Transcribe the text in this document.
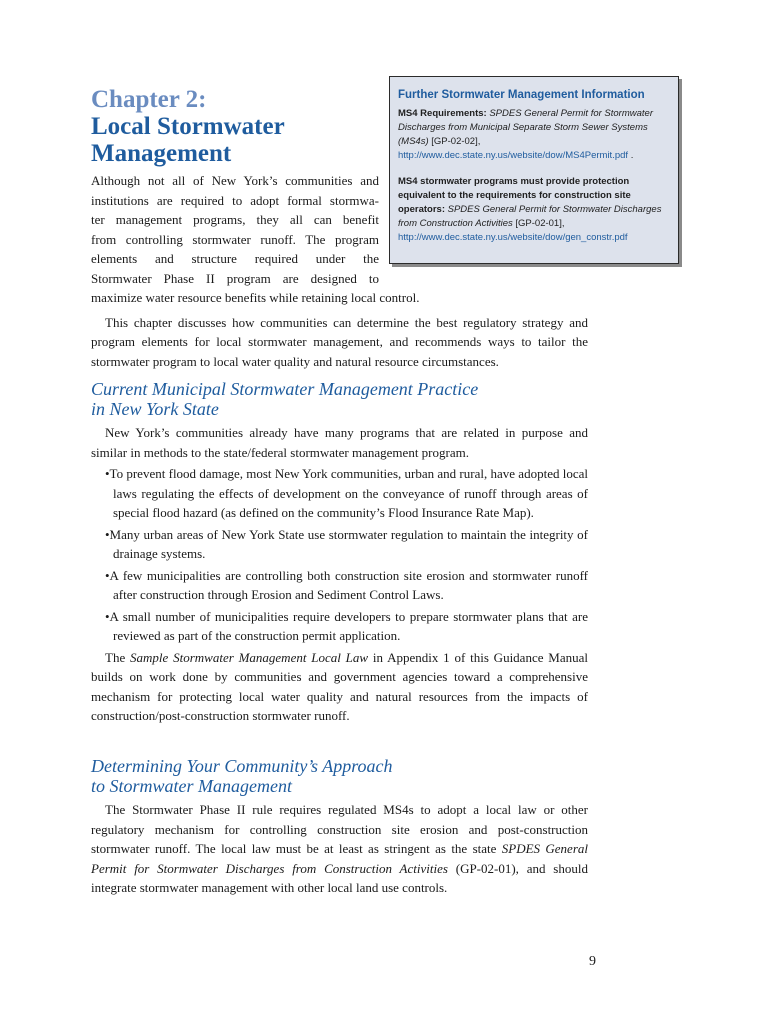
Further Stormwater Management Information

MS4 Requirements: SPDES General Permit for Stormwater Discharges from Municipal Separate Storm Sewer Systems (MS4s) [GP-02-02],
http://www.dec.state.ny.us/website/dow/MS4Permit.pdf .

MS4 stormwater programs must provide protection equivalent to the requirements for construction site operators: SPDES General Permit for Stormwater Discharges from Construction Activities [GP-02-01],
http://www.dec.state.ny.us/website/dow/gen_constr.pdf

Chapter 2:
Local Stormwater
Management
Although not all of New York’s communities and
institutions are required to adopt formal stormwa-
ter management programs, they all can benefit
from controlling stormwater runoff. The program
elements and structure required under the
Stormwater Phase II program are designed to

maximize water resource benefits while retaining local control.

This chapter discusses how communities can determine the best regulatory strategy and program elements for local stormwater management, and recommends ways to tailor the stormwater program to local water quality and natural resource circumstances.

Current Municipal Stormwater Management Practice
in New York State

New York’s communities already have many programs that are related in purpose and similar in methods to the state/federal stormwater management program.

•To prevent flood damage, most New York communities, urban and rural, have adopted local laws regulating the effects of development on the conveyance of runoff through areas of special flood hazard (as defined on the community’s Flood Insurance Rate Map).

•Many urban areas of New York State use stormwater regulation to maintain the integrity of drainage systems.

•A few municipalities are controlling both construction site erosion and stormwater runoff after construction through Erosion and Sediment Control Laws.

•A small number of municipalities require developers to prepare stormwater plans that are reviewed as part of the construction permit application.

The Sample Stormwater Management Local Law in Appendix 1 of this Guidance Manual builds on work done by communities and government agencies toward a comprehensive mechanism for protecting local water quality and natural resources from the impacts of construction/post-construction stormwater runoff.

Determining Your Community’s Approach
to Stormwater Management

The Stormwater Phase II rule requires regulated MS4s to adopt a local law or other regulatory mechanism for controlling construction site erosion and post-construction stormwater runoff. The local law must be at least as stringent as the state SPDES General Permit for Stormwater Discharges from Construction Activities (GP-02-01), and should integrate stormwater management with other local land use controls.

9
